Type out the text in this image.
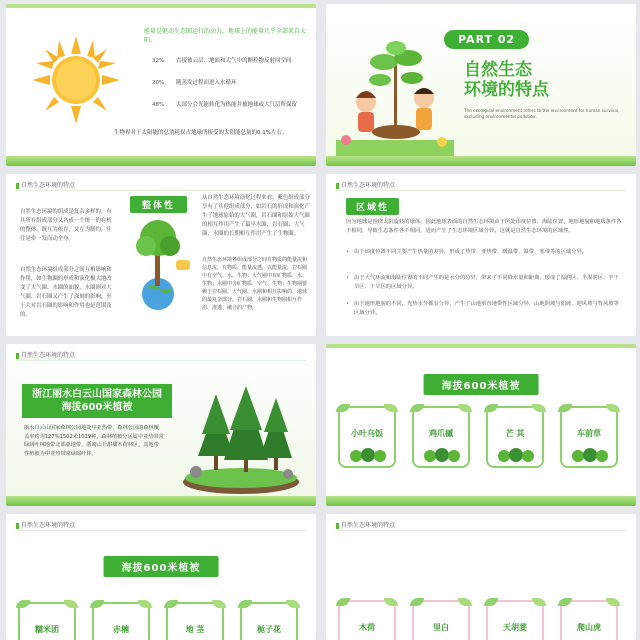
能量是驱动生态圈运行的动力，地球上的能量几乎全部来自太阳。
32% 直接被云层、地面和大气中的颗粒物反射回空间
20% 随蒸发过程而进入水循环
48% 大部分会光能转化为热能并被地球或大气层所保留
生物界对于太阳能的总消耗仅占地球所接受的太阳能总量的0.1%左右。
PART 02
自然生态
环境的特点
The ecological environment refers to the environment for human survival, excluding environmental pollution.
自然生态环境的特点
整体性
自然生态环境的组成是复杂多样的，有其所有组成部分又各成一个统一的有机的整体，既互为依存，又互为制约，往往是牵一发而动全身。
自然生态环境组成部分之间互相影响和作用，如生物圈的形成和演化极大地改变了大气圈、水圈的面貌，水圈则对大气圈、岩石圈又产生了深刻的影响，至于大对岩石圈的影响和作用也是范围及的。
从自然生态环境演化过程来看，紫色组成部分享有了其他组成部分，如岩石的形成和演化产生了地球原始的大气圈，岩石圈和原始大气圈的相互作用产生了最早水圈，岩石圈、大气圈、水圈的长期相互作用产生了生物圈。
自然生态环境各组成部分之间有物质的能量流和信息流，有物质、能量流透，以能量流，岩石圈中有空气、水、生物；大气圈中有矿物质、水、生物；水圈中含矿物质、空气、生物；生物圈要赖于岩石圈、大气圈、水圈和相互影响的，地球的最复杂部分。岩石圈、水圈和生物圈相互作用、渗透、融合的产物。
自然生态环境的特点
区域性
因为地球是围绕太阳旋转的球体，因此地球表面的自然生态环境由于所处纬度位置、海陆位置、地形地貌和地质条件各不相同，导致生态条件各不相同，进而产生了生态环境区域分异。这就是自然生态环境的区域性。
• 由于纬度位置不同主要产生热量的差异，形成了热带、亚热带、暖温带、温带、寒带等的区域分异。
• 由于大气环流和海陆位置的不同产生的是水分的分异，带来了不同降水量和距离，形成了湿润区、半湿润区、半干旱区、干旱区的区域分异。
• 由于地形地貌的不同，光热水分都有分异，产生了山地垂直地带性区域分异、山地阴坡与阳坡、迎风坡与背风坡等区域分异。
自然生态环境的特点
浙江丽水白云山国家森林公园 海拔600米植被
丽水白云山国家森林公园地处中亚热带，森林公园的森林覆盖率约为127%1502米1019种，森林植被分区属中亚热带常绿阔叶林地带北部亚地带，浙闽山丘甜槠木荷林区，其地带性植被为中亚热带常绿阔叶林。
海拔600米植被
小叶乌饭	鸡爪槭	芒 其	车前草
自然生态环境的特点
海拔600米植被
糯米团	赤楠	地 茎	栀子花
自然生态环境的特点
木荷	里白	天胡荽	爬山虎
